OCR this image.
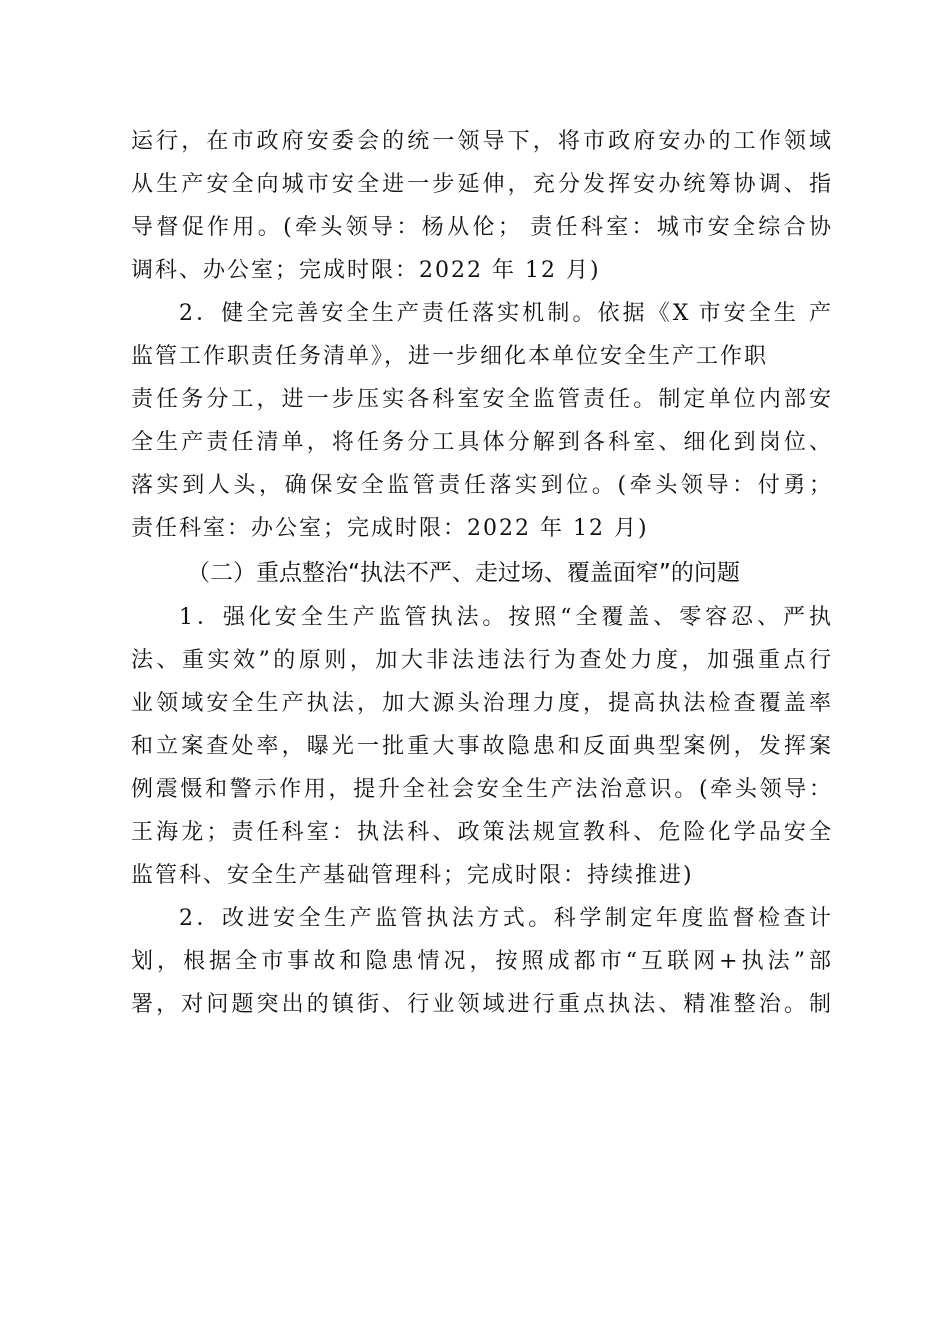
运行，在市政府安委会的统一领导下，将市政府安办的工作领域
从生产安全向城市安全进一步延伸，充分发挥安办统筹协调、指
导督促作用。(牵头领导：杨从伦； 责任科室：城市安全综合协
调科、办公室；完成时限：2022 年 12 月)
2．健全完善安全生产责任落实机制。依据《X 市安全生 产
监管工作职责任务清单》，进一步细化本单位安全生产工作职
责任务分工，进一步压实各科室安全监管责任。制定单位内部安
全生产责任清单，将任务分工具体分解到各科室、细化到岗位、
落实到人头，确保安全监管责任落实到位。(牵头领导：付勇；
责任科室：办公室；完成时限：2022 年 12 月)
（二）重点整治“执法不严、走过场、覆盖面窄”的问题
1．强化安全生产监管执法。按照“全覆盖、零容忍、严执
法、重实效”的原则，加大非法违法行为查处力度，加强重点行
业领域安全生产执法，加大源头治理力度，提高执法检查覆盖率
和立案查处率，曝光一批重大事故隐患和反面典型案例，发挥案
例震慑和警示作用，提升全社会安全生产法治意识。(牵头领导：
王海龙；责任科室：执法科、政策法规宣教科、危险化学品安全
监管科、安全生产基础管理科；完成时限：持续推进)
2．改进安全生产监管执法方式。科学制定年度监督检查计
划，根据全市事故和隐患情况，按照成都市“互联网+执法”部
署，对问题突出的镇街、行业领域进行重点执法、精准整治。制
